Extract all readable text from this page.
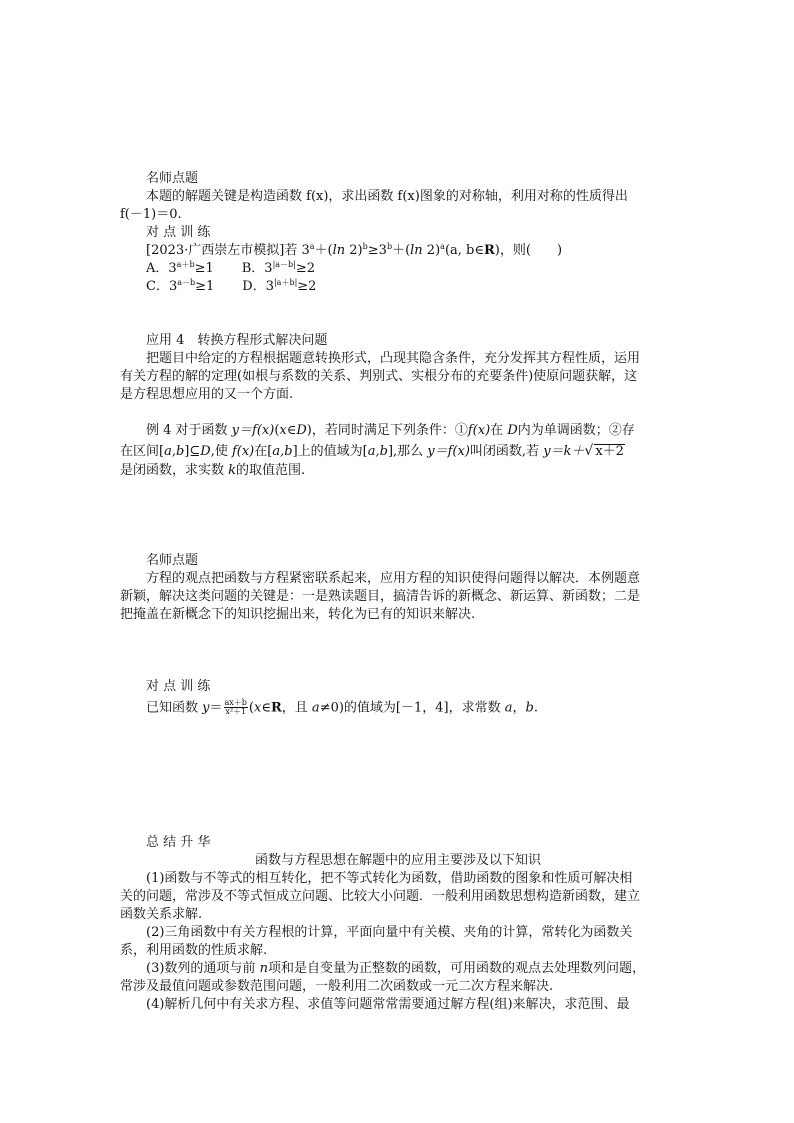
名师点题
本题的解题关键是构造函数 f(x)，求出函数 f(x)图象的对称轴，利用对称的性质得出
f(－1)＝0.
对 点 训 练
[2023·广西崇左市模拟]若 $3^a+(\ln$ $2)^b\ge 3^b+(\ln$ 2)$^a$(a, b∈R)，则( )
A．$3^{a+b}\ge 1$ B．$3^{|a-b|}\ge 2$
C．$3^{a-b}\ge 1$ D．$3^{|a+b|}\ge 2$
应用 4　转换方程形式解决问题
把题目中给定的方程根据题意转换形式，凸现其隐含条件，充分发挥其方程性质，运用
有关方程的解的定理(如根与系数的关系、判别式、实根分布的充要条件)使原问题获解，这
是方程思想应用的又一个方面.
例 4 对于函数 y＝f(x)(x∈D)，若同时满足下列条件：①f(x)在 D内为单调函数；②存
在区间[a,b]⊆D,使 f(x)在[a,b]上的值域为[a,b],那么 y＝f(x)叫闭函数,若 y＝k＋√ x＋2
是闭函数，求实数 k的取值范围.
名师点题
方程的观点把函数与方程紧密联系起来，应用方程的知识使得问题得以解决．本例题意
新颖，解决这类问题的关键是：一是熟读题目，搞清告诉的新概念、新运算、新函数；二是
把掩盖在新概念下的知识挖掘出来，转化为已有的知识来解决.
对 点 训 练
已知函数 $y= \frac{ax+b}{\text{x²＋1}}$ (x∈R，且 a≠0)的值域为[－1，4]，求常数 a，b.
总 结 升 华
函数与方程思想在解题中的应用主要涉及以下知识
(1)函数与不等式的相互转化，把不等式转化为函数，借助函数的图象和性质可解决相
关的问题，常涉及不等式恒成立问题、比较大小问题．一般利用函数思想构造新函数，建立
函数关系求解.
(2)三角函数中有关方程根的计算，平面向量中有关模、夹角的计算，常转化为函数关
系，利用函数的性质求解.
(3)数列的通项与前 n项和是自变量为正整数的函数，可用函数的观点去处理数列问题，
常涉及最值问题或参数范围问题，一般利用二次函数或一元二次方程来解决.
(4)解析几何中有关求方程、求值等问题常常需要通过解方程(组)来解决，求范围、最
